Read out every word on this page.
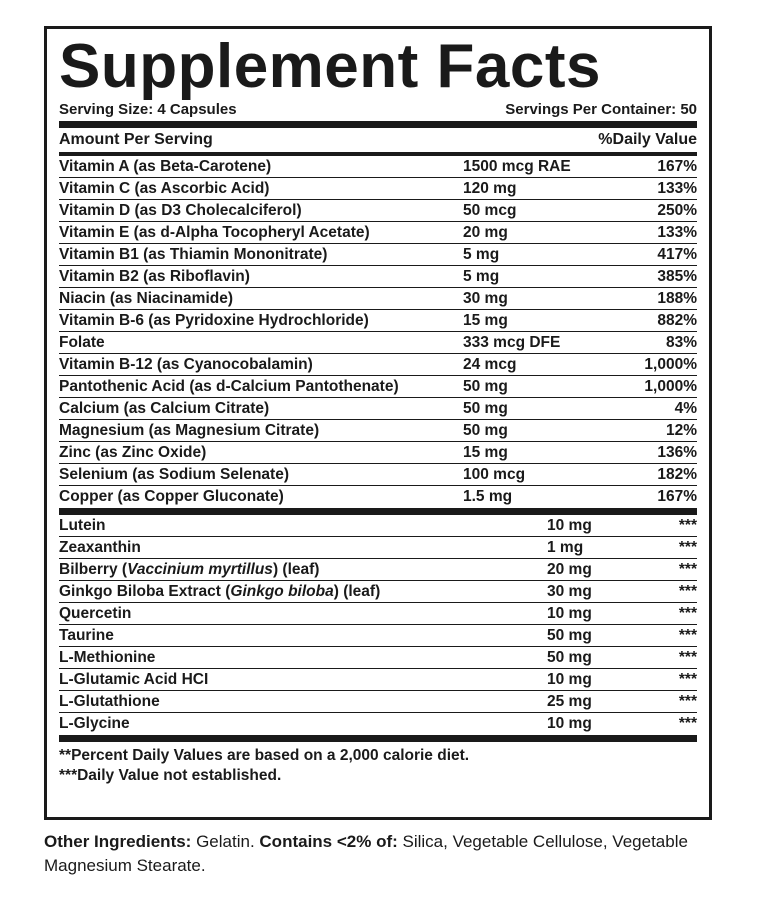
Supplement Facts
Serving Size: 4 Capsules	Servings Per Container: 50
Amount Per Serving	%Daily Value
Vitamin A (as Beta-Carotene)	1500 mcg RAE	167%
Vitamin C (as Ascorbic Acid)	120 mg	133%
Vitamin D (as D3 Cholecalciferol)	50 mcg	250%
Vitamin E (as d-Alpha Tocopheryl Acetate)	20 mg	133%
Vitamin B1 (as Thiamin Mononitrate)	5 mg	417%
Vitamin B2 (as Riboflavin)	5 mg	385%
Niacin (as Niacinamide)	30 mg	188%
Vitamin B-6 (as Pyridoxine Hydrochloride)	15 mg	882%
Folate	333 mcg DFE	83%
Vitamin B-12 (as Cyanocobalamin)	24 mcg	1,000%
Pantothenic Acid (as d-Calcium Pantothenate)	50 mg	1,000%
Calcium (as Calcium Citrate)	50 mg	4%
Magnesium (as Magnesium Citrate)	50 mg	12%
Zinc (as Zinc Oxide)	15 mg	136%
Selenium (as Sodium Selenate)	100 mcg	182%
Copper (as Copper Gluconate)	1.5 mg	167%
Lutein	10 mg	***
Zeaxanthin	1 mg	***
Bilberry (Vaccinium myrtillus) (leaf)	20 mg	***
Ginkgo Biloba Extract (Ginkgo biloba) (leaf)	30 mg	***
Quercetin	10 mg	***
Taurine	50 mg	***
L-Methionine	50 mg	***
L-Glutamic Acid HCI	10 mg	***
L-Glutathione	25 mg	***
L-Glycine	10 mg	***
**Percent Daily Values are based on a 2,000 calorie diet.
***Daily Value not established.
Other Ingredients: Gelatin. Contains <2% of: Silica, Vegetable Cellulose, Vegetable Magnesium Stearate.
